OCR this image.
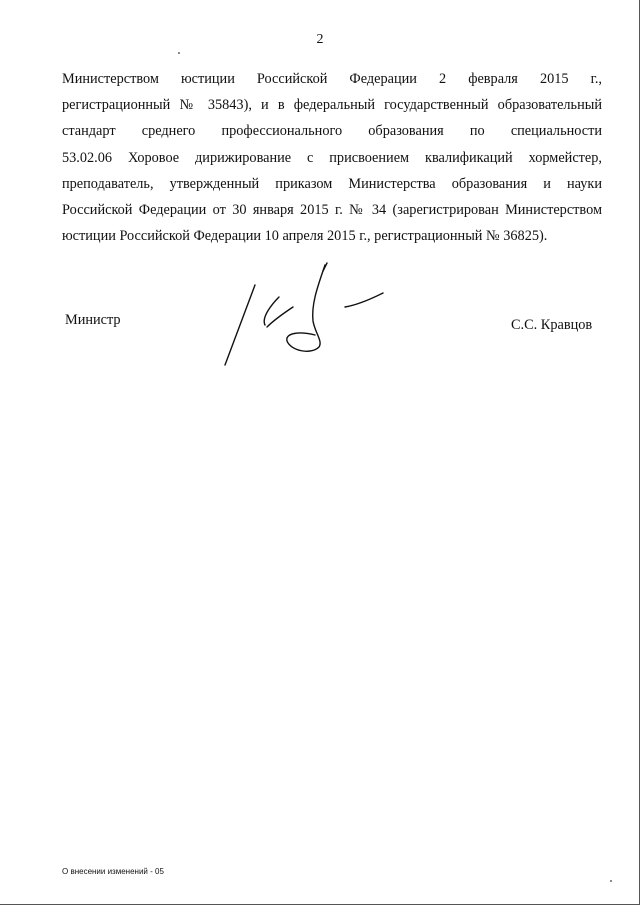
2
Министерством юстиции Российской Федерации 2 февраля 2015 г.,
регистрационный № 35843), и в федеральный государственный образовательный
стандарт среднего профессионального образования по специальности
53.02.06 Хоровое дирижирование с присвоением квалификаций хормейстер,
преподаватель, утвержденный приказом Министерства образования и науки
Российской Федерации от 30 января 2015 г. № 34 (зарегистрирован Министерством
юстиции Российской Федерации 10 апреля 2015 г., регистрационный № 36825).
Министр	С.С. Кравцов
О внесении изменений - 05
